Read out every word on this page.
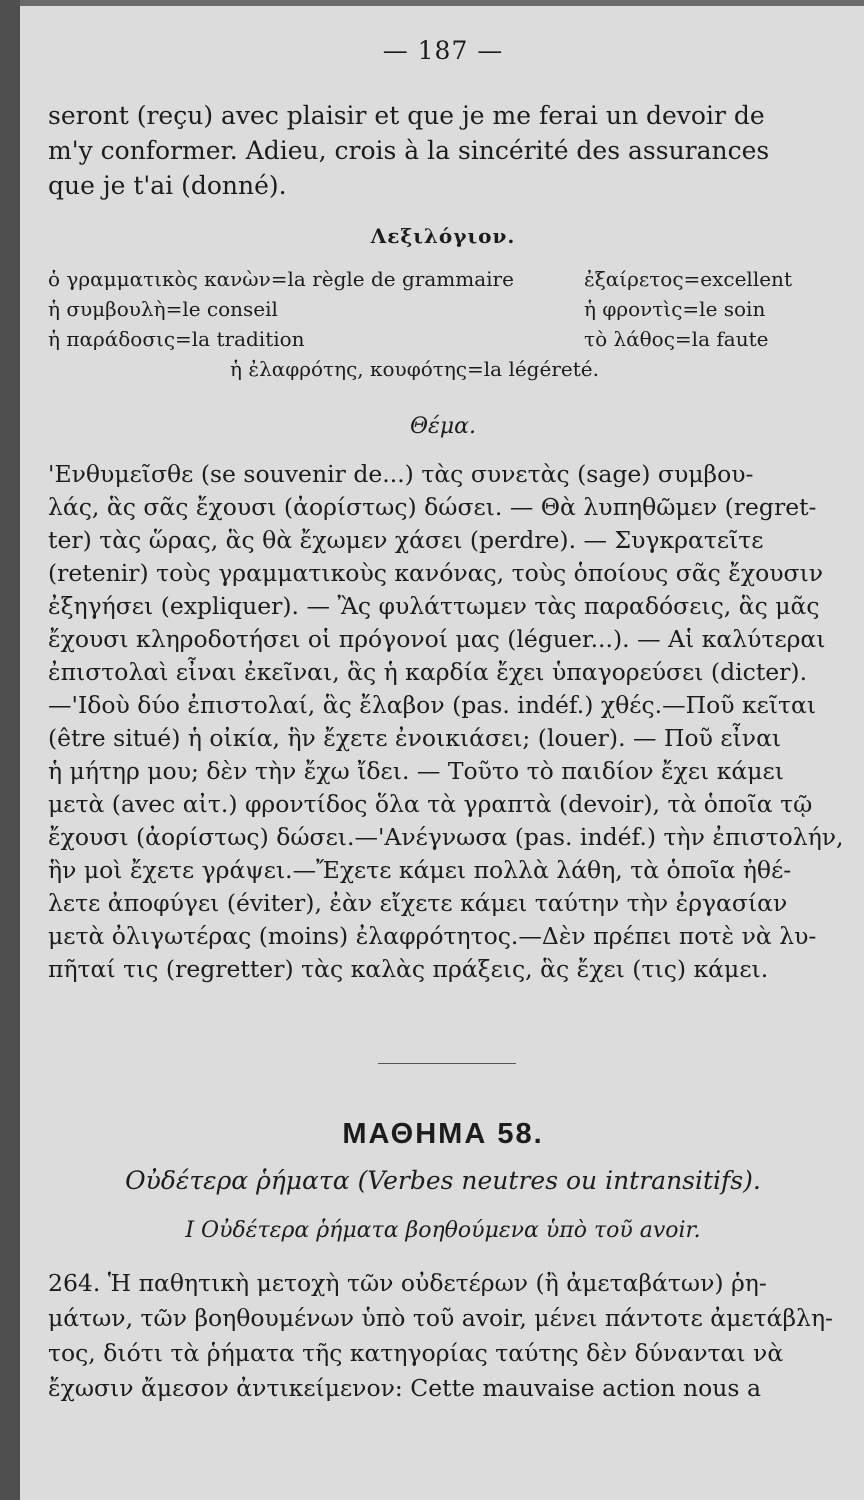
— 187 —
seront (reçu) avec plaisir et que je me ferai un devoir de
m'y conformer. Adieu, crois à la sincérité des assurances
que je t'ai (donné).
Λεξιλόγιον.
ὁ γραμματικὸς κανὼν=la règle de grammaire
ἡ συμβουλὴ=le conseil
ἡ παράδοσις=la tradition
ἐξαίρετος=excellent
ἡ φροντὶς=le soin
τὸ λάθος=la faute
ἡ ἐλαφρότης, κουφότης=la légéreté.
Θέμα.
'Ενθυμεῖσθε (se souvenir de...) τὰς συνετὰς (sage) συμβου-
λάς, ἃς σᾶς ἔχουσι (ἀορίστως) δώσει. — Θὰ λυπηθῶμεν (regret-
ter) τὰς ὥρας, ἃς θὰ ἔχωμεν χάσει (perdre). — Συγκρατεῖτε
(retenir) τοὺς γραμματικοὺς κανόνας, τοὺς ὁποίους σᾶς ἔχουσιν
ἐξηγήσει (expliquer). — Ἂς φυλάττωμεν τὰς παραδόσεις, ἃς μᾶς
ἔχουσι κληροδοτήσει οἱ πρόγονοί μας (léguer...). — Αἱ καλύτεραι
ἐπιστολαὶ εἶναι ἐκεῖναι, ἃς ἡ καρδία ἔχει ὑπαγορεύσει (dicter).
—'Ιδοὺ δύο ἐπιστολαί, ἃς ἔλαβον (pas. indéf.) χθές.—Ποῦ κεῖται
(être situé) ἡ οἰκία, ἣν ἔχετε ἐνοικιάσει; (louer). — Ποῦ εἶναι
ἡ μήτηρ μου; δὲν τὴν ἔχω ἴδει. — Τοῦτο τὸ παιδίον ἔχει κάμει
μετὰ (avec αἰτ.) φροντίδος ὅλα τὰ γραπτὰ (devoir), τὰ ὁποῖα τῷ
ἔχουσι (ἀορίστως) δώσει.—'Ανέγνωσα (pas. indéf.) τὴν ἐπιστολήν,
ἣν μοὶ ἔχετε γράψει.—Ἔχετε κάμει πολλὰ λάθη, τὰ ὁποῖα ἠθέ-
λετε ἀποφύγει (éviter), ἐὰν εἴχετε κάμει ταύτην τὴν ἐργασίαν
μετὰ ὀλιγωτέρας (moins) ἐλαφρότητος.—Δὲν πρέπει ποτὲ νὰ λυ-
πῆταί τις (regretter) τὰς καλὰς πράξεις, ἃς ἔχει (τις) κάμει.
ΜΑΘΗΜΑ 58.
Οὐδέτερα ῥήματα (Verbes neutres ou intransitifs).
Ι Οὐδέτερα ῥήματα βοηθούμενα ὑπὸ τοῦ avoir.
264. Ἡ παθητικὴ μετοχὴ τῶν οὐδετέρων (ἢ ἀμεταβάτων) ῥη-
μάτων, τῶν βοηθουμένων ὑπὸ τοῦ avoir, μένει πάντοτε ἀμετάβλη-
τος, διότι τὰ ῥήματα τῆς κατηγορίας ταύτης δὲν δύνανται νὰ
ἔχωσιν ἄμεσον ἀντικείμενον: Cette mauvaise action nous a
